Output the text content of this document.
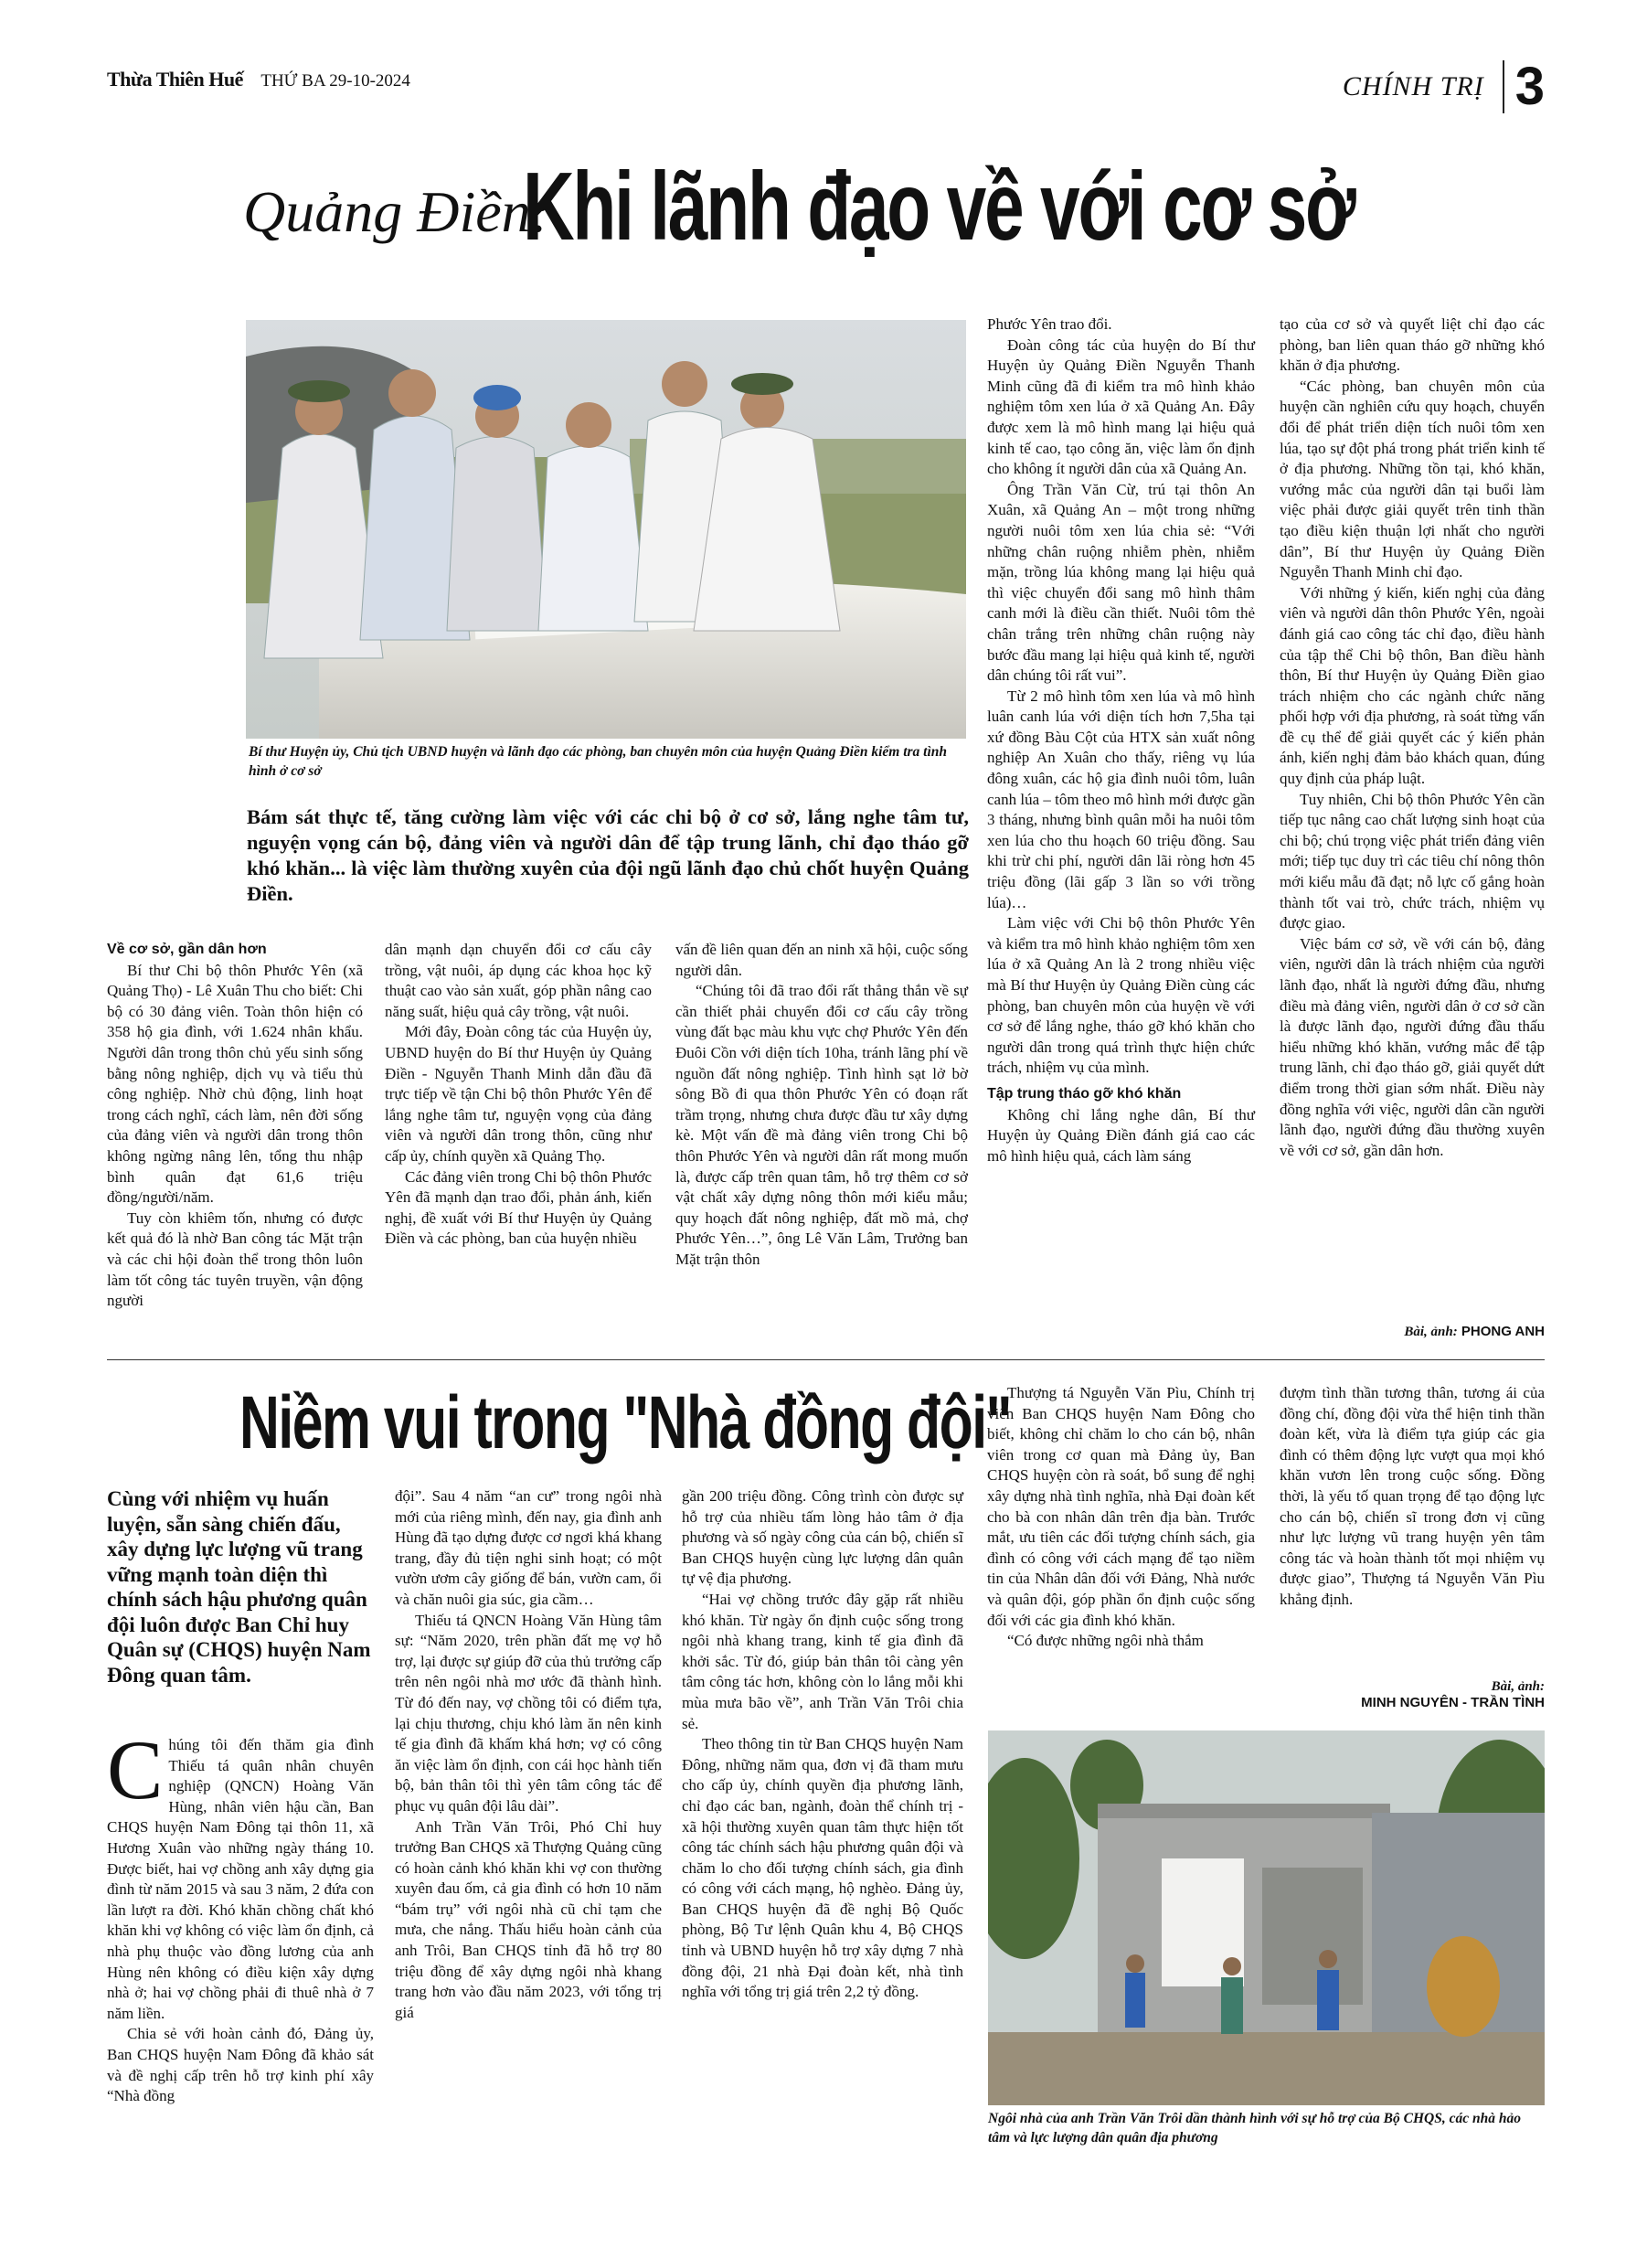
Thừa Thiên Huế THỨ BA 29-10-2024	CHÍNH TRỊ 3
Quảng Điền:
Khi lãnh đạo về với cơ sở
Bí thư Huyện ủy, Chủ tịch UBND huyện và lãnh đạo các phòng, ban chuyên môn của huyện Quảng Điền kiểm tra tình hình ở cơ sở
Bám sát thực tế, tăng cường làm việc với các chi bộ ở cơ sở, lắng nghe tâm tư, nguyện vọng cán bộ, đảng viên và người dân để tập trung lãnh, chỉ đạo tháo gỡ khó khăn... là việc làm thường xuyên của đội ngũ lãnh đạo chủ chốt huyện Quảng Điền.

Về cơ sở, gần dân hơn

Bí thư Chi bộ thôn Phước Yên (xã Quảng Thọ) - Lê Xuân Thu cho biết: Chi bộ có 30 đảng viên. Toàn thôn hiện có 358 hộ gia đình, với 1.624 nhân khẩu. Người dân trong thôn chủ yếu sinh sống bằng nông nghiệp, dịch vụ và tiểu thủ công nghiệp. Nhờ chủ động, linh hoạt trong cách nghĩ, cách làm, nên đời sống của đảng viên và người dân trong thôn không ngừng nâng lên, tổng thu nhập bình quân đạt 61,6 triệu đồng/người/năm.

Tuy còn khiêm tốn, nhưng có được kết quả đó là nhờ Ban công tác Mặt trận và các chi hội đoàn thể trong thôn luôn làm tốt công tác tuyên truyền, vận động người

dân mạnh dạn chuyển đổi cơ cấu cây trồng, vật nuôi, áp dụng các khoa học kỹ thuật cao vào sản xuất, góp phần nâng cao năng suất, hiệu quả cây trồng, vật nuôi.

Mới đây, Đoàn công tác của Huyện ủy, UBND huyện do Bí thư Huyện ủy Quảng Điền - Nguyễn Thanh Minh dẫn đầu đã trực tiếp về tận Chi bộ thôn Phước Yên để lắng nghe tâm tư, nguyện vọng của đảng viên và người dân trong thôn, cũng như cấp ủy, chính quyền xã Quảng Thọ.

Các đảng viên trong Chi bộ thôn Phước Yên đã mạnh dạn trao đổi, phản ánh, kiến nghị, đề xuất với Bí thư Huyện ủy Quảng Điền và các phòng, ban của huyện nhiều

vấn đề liên quan đến an ninh xã hội, cuộc sống người dân.

“Chúng tôi đã trao đổi rất thẳng thắn về sự cần thiết phải chuyển đổi cơ cấu cây trồng vùng đất bạc màu khu vực chợ Phước Yên đến Đuôi Cồn với diện tích 10ha, tránh lãng phí về nguồn đất nông nghiệp. Tình hình sạt lở bờ sông Bồ đi qua thôn Phước Yên có đoạn rất trầm trọng, nhưng chưa được đầu tư xây dựng kè. Một vấn đề mà đảng viên trong Chi bộ thôn Phước Yên và người dân rất mong muốn là, được cấp trên quan tâm, hỗ trợ thêm cơ sở vật chất xây dựng nông thôn mới kiểu mẫu; quy hoạch đất nông nghiệp, đất mồ mả, chợ Phước Yên…”, ông Lê Văn Lâm, Trưởng ban Mặt trận thôn

Phước Yên trao đổi.

Đoàn công tác của huyện do Bí thư Huyện ủy Quảng Điền Nguyễn Thanh Minh cũng đã đi kiểm tra mô hình khảo nghiệm tôm xen lúa ở xã Quảng An. Đây được xem là mô hình mang lại hiệu quả kinh tế cao, tạo công ăn, việc làm ổn định cho không ít người dân của xã Quảng An.

Ông Trần Văn Cừ, trú tại thôn An Xuân, xã Quảng An – một trong những người nuôi tôm xen lúa chia sẻ: “Với những chân ruộng nhiễm phèn, nhiễm mặn, trồng lúa không mang lại hiệu quả thì việc chuyển đổi sang mô hình thâm canh mới là điều cần thiết. Nuôi tôm thẻ chân trắng trên những chân ruộng này bước đầu mang lại hiệu quả kinh tế, người dân chúng tôi rất vui”.

Từ 2 mô hình tôm xen lúa và mô hình luân canh lúa với diện tích hơn 7,5ha tại xứ đồng Bàu Cột của HTX sản xuất nông nghiệp An Xuân cho thấy, riêng vụ lúa đông xuân, các hộ gia đình nuôi tôm, luân canh lúa – tôm theo mô hình mới được gần 3 tháng, nhưng bình quân mỗi ha nuôi tôm xen lúa cho thu hoạch 60 triệu đồng. Sau khi trừ chi phí, người dân lãi ròng hơn 45 triệu đồng (lãi gấp 3 lần so với trồng lúa)…

Làm việc với Chi bộ thôn Phước Yên và kiểm tra mô hình khảo nghiệm tôm xen lúa ở xã Quảng An là 2 trong nhiều việc mà Bí thư Huyện ủy Quảng Điền cùng các phòng, ban chuyên môn của huyện về với cơ sở để lắng nghe, tháo gỡ khó khăn cho người dân trong quá trình thực hiện chức trách, nhiệm vụ của mình.

Tập trung tháo gỡ khó khăn

Không chỉ lắng nghe dân, Bí thư Huyện ủy Quảng Điền đánh giá cao các mô hình hiệu quả, cách làm sáng

tạo của cơ sở và quyết liệt chỉ đạo các phòng, ban liên quan tháo gỡ những khó khăn ở địa phương.

“Các phòng, ban chuyên môn của huyện cần nghiên cứu quy hoạch, chuyển đổi để phát triển diện tích nuôi tôm xen lúa, tạo sự đột phá trong phát triển kinh tế ở địa phương. Những tồn tại, khó khăn, vướng mắc của người dân tại buổi làm việc phải được giải quyết trên tinh thần tạo điều kiện thuận lợi nhất cho người dân”, Bí thư Huyện ủy Quảng Điền Nguyễn Thanh Minh chỉ đạo.

Với những ý kiến, kiến nghị của đảng viên và người dân thôn Phước Yên, ngoài đánh giá cao công tác chỉ đạo, điều hành của tập thể Chi bộ thôn, Ban điều hành thôn, Bí thư Huyện ủy Quảng Điền giao trách nhiệm cho các ngành chức năng phối hợp với địa phương, rà soát từng vấn đề cụ thể để giải quyết các ý kiến phản ánh, kiến nghị đảm bảo khách quan, đúng quy định của pháp luật.

Tuy nhiên, Chi bộ thôn Phước Yên cần tiếp tục nâng cao chất lượng sinh hoạt của chi bộ; chú trọng việc phát triển đảng viên mới; tiếp tục duy trì các tiêu chí nông thôn mới kiểu mẫu đã đạt; nỗ lực cố gắng hoàn thành tốt vai trò, chức trách, nhiệm vụ được giao.

Việc bám cơ sở, về với cán bộ, đảng viên, người dân là trách nhiệm của người lãnh đạo, nhất là người đứng đầu, nhưng điều mà đảng viên, người dân ở cơ sở cần là được lãnh đạo, người đứng đầu thấu hiểu những khó khăn, vướng mắc để tập trung lãnh, chỉ đạo tháo gỡ, giải quyết dứt điểm trong thời gian sớm nhất. Điều này đồng nghĩa với việc, người dân cần người lãnh đạo, người đứng đầu thường xuyên về với cơ sở, gần dân hơn.

Bài, ảnh: PHONG ANH
Niềm vui trong "Nhà đồng đội"
Cùng với nhiệm vụ huấn luyện, sẵn sàng chiến đấu, xây dựng lực lượng vũ trang vững mạnh toàn diện thì chính sách hậu phương quân đội luôn được Ban Chỉ huy Quân sự (CHQS) huyện Nam Đông quan tâm.

Chúng tôi đến thăm gia đình Thiếu tá quân nhân chuyên nghiệp (QNCN) Hoàng Văn Hùng, nhân viên hậu cần, Ban CHQS huyện Nam Đông tại thôn 11, xã Hương Xuân vào những ngày tháng 10. Được biết, hai vợ chồng anh xây dựng gia đình từ năm 2015 và sau 3 năm, 2 đứa con lần lượt ra đời. Khó khăn chồng chất khó khăn khi vợ không có việc làm ổn định, cả nhà phụ thuộc vào đồng lương của anh Hùng nên không có điều kiện xây dựng nhà ở; hai vợ chồng phải đi thuê nhà ở 7 năm liền.

Chia sẻ với hoàn cảnh đó, Đảng ủy, Ban CHQS huyện Nam Đông đã khảo sát và đề nghị cấp trên hỗ trợ kinh phí xây “Nhà đồng

đội”. Sau 4 năm “an cư” trong ngôi nhà mới của riêng mình, đến nay, gia đình anh Hùng đã tạo dựng được cơ ngơi khá khang trang, đầy đủ tiện nghi sinh hoạt; có một vườn ươm cây giống để bán, vườn cam, ổi và chăn nuôi gia súc, gia cầm…

Thiếu tá QNCN Hoàng Văn Hùng tâm sự: “Năm 2020, trên phần đất mẹ vợ hỗ trợ, lại được sự giúp đỡ của thủ trưởng cấp trên nên ngôi nhà mơ ước đã thành hình. Từ đó đến nay, vợ chồng tôi có điểm tựa, lại chịu thương, chịu khó làm ăn nên kinh tế gia đình đã khấm khá hơn; vợ có công ăn việc làm ổn định, con cái học hành tiến bộ, bản thân tôi thì yên tâm công tác để phục vụ quân đội lâu dài”.

Anh Trần Văn Trôi, Phó Chỉ huy trưởng Ban CHQS xã Thượng Quảng cũng có hoàn cảnh khó khăn khi vợ con thường xuyên đau ốm, cả gia đình có hơn 10 năm “bám trụ” với ngôi nhà cũ chỉ tạm che mưa, che nắng. Thấu hiểu hoàn cảnh của anh Trôi, Ban CHQS tỉnh đã hỗ trợ 80 triệu đồng để xây dựng ngôi nhà khang trang hơn vào đầu năm 2023, với tổng trị giá

gần 200 triệu đồng. Công trình còn được sự hỗ trợ của nhiều tấm lòng hảo tâm ở địa phương và số ngày công của cán bộ, chiến sĩ Ban CHQS huyện cùng lực lượng dân quân tự vệ địa phương.

“Hai vợ chồng trước đây gặp rất nhiều khó khăn. Từ ngày ổn định cuộc sống trong ngôi nhà khang trang, kinh tế gia đình đã khởi sắc. Từ đó, giúp bản thân tôi càng yên tâm công tác hơn, không còn lo lắng mỗi khi mùa mưa bão về”, anh Trần Văn Trôi chia sẻ.

Theo thông tin từ Ban CHQS huyện Nam Đông, những năm qua, đơn vị đã tham mưu cho cấp ủy, chính quyền địa phương lãnh, chỉ đạo các ban, ngành, đoàn thể chính trị - xã hội thường xuyên quan tâm thực hiện tốt công tác chính sách hậu phương quân đội và chăm lo cho đối tượng chính sách, gia đình có công với cách mạng, hộ nghèo. Đảng ủy, Ban CHQS huyện đã đề nghị Bộ Quốc phòng, Bộ Tư lệnh Quân khu 4, Bộ CHQS tỉnh và UBND huyện hỗ trợ xây dựng 7 nhà đồng đội, 21 nhà Đại đoàn kết, nhà tình nghĩa với tổng trị giá trên 2,2 tỷ đồng.

Thượng tá Nguyễn Văn Pìu, Chính trị viên Ban CHQS huyện Nam Đông cho biết, không chỉ chăm lo cho cán bộ, nhân viên trong cơ quan mà Đảng ủy, Ban CHQS huyện còn rà soát, bổ sung để nghị xây dựng nhà tình nghĩa, nhà Đại đoàn kết cho bà con nhân dân trên địa bàn. Trước mắt, ưu tiên các đối tượng chính sách, gia đình có công với cách mạng để tạo niềm tin của Nhân dân đối với Đảng, Nhà nước và quân đội, góp phần ổn định cuộc sống đối với các gia đình khó khăn.

“Có được những ngôi nhà thắm

đượm tình thần tương thân, tương ái của đồng chí, đồng đội vừa thể hiện tinh thần đoàn kết, vừa là điểm tựa giúp các gia đình có thêm động lực vượt qua mọi khó khăn vươn lên trong cuộc sống. Đồng thời, là yếu tố quan trọng để tạo động lực cho cán bộ, chiến sĩ trong đơn vị cũng như lực lượng vũ trang huyện yên tâm công tác và hoàn thành tốt mọi nhiệm vụ được giao”, Thượng tá Nguyễn Văn Pìu khẳng định.

Bài, ảnh:
MINH NGUYÊN - TRẦN TÌNH
Ngôi nhà của anh Trần Văn Trôi dần thành hình với sự hỗ trợ của Bộ CHQS, các nhà hảo tâm và lực lượng dân quân địa phương
